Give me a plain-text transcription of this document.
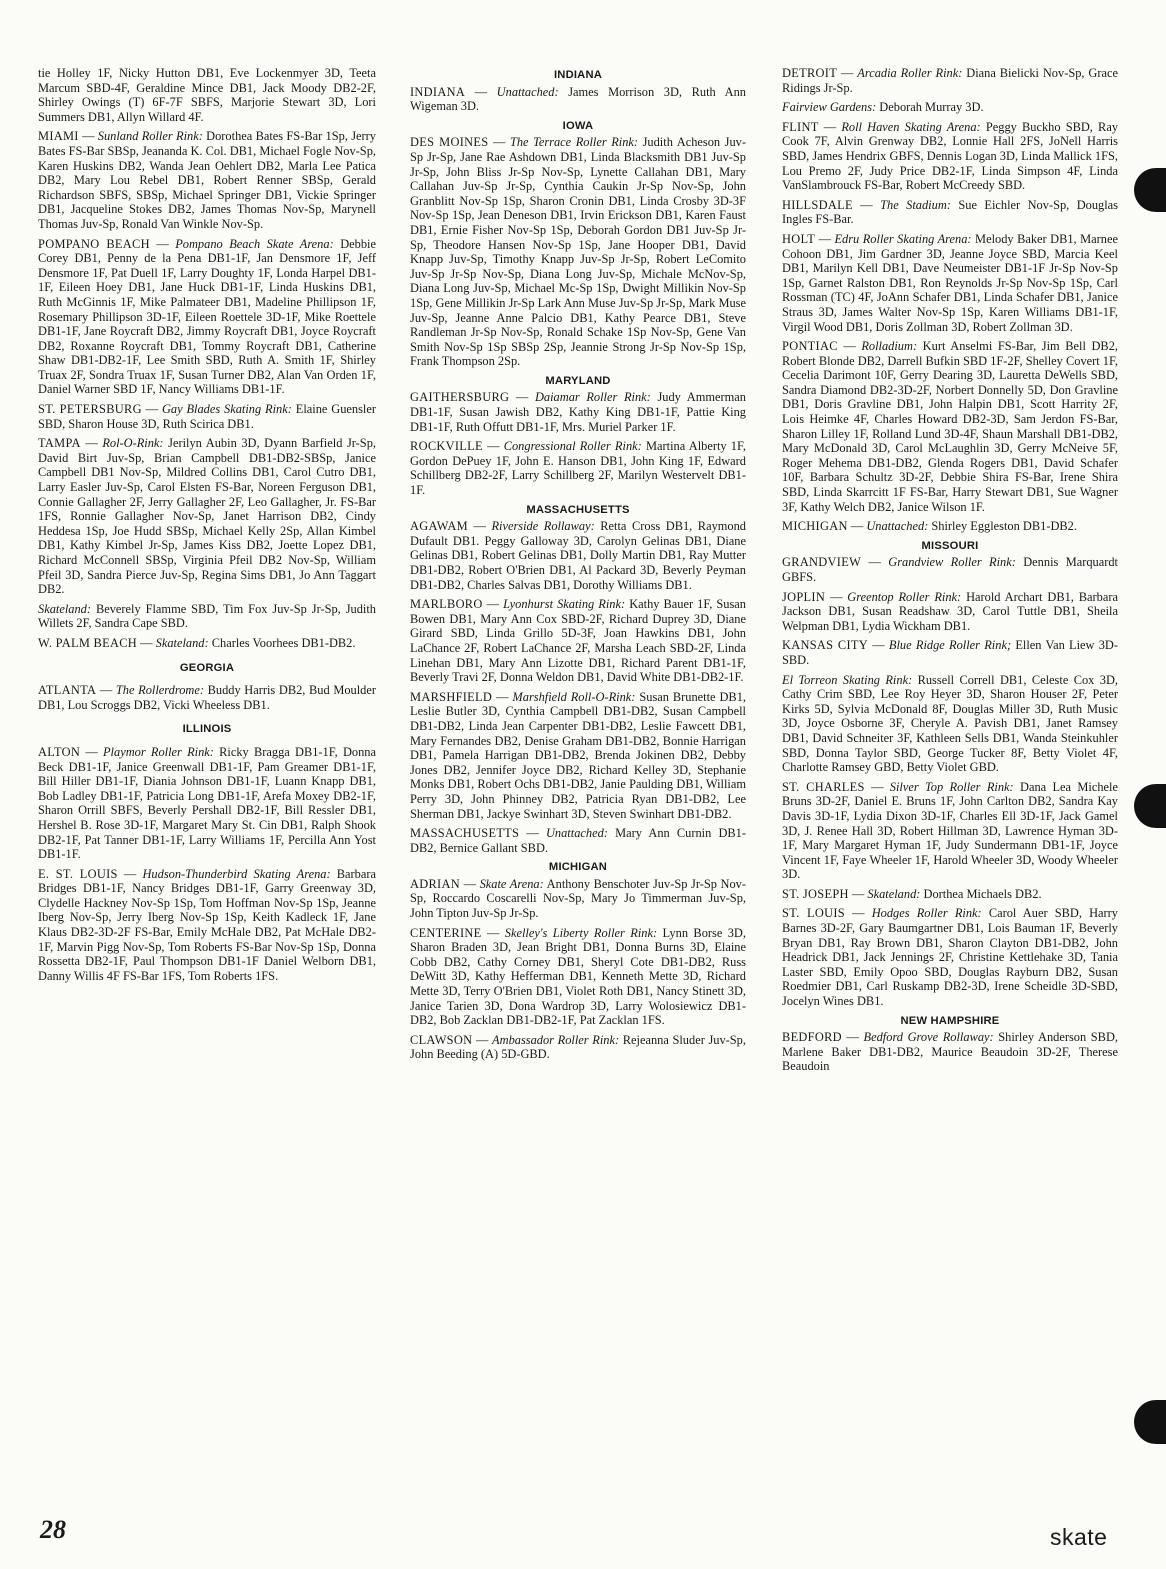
tie Holley 1F, Nicky Hutton DB1, Eve Lockenmyer 3D, Teeta Marcum SBD-4F, Geraldine Mince DB1, Jack Moody DB2-2F, Shirley Owings (T) 6F-7F SBFS, Marjorie Stewart 3D, Lori Summers DB1, Allyn Willard 4F.
MIAMI — Sunland Roller Rink: Dorothea Bates FS-Bar 1Sp, Jerry Bates FS-Bar SBSp, Jeananda K. Col. DB1, Michael Fogle Nov-Sp, Karen Huskins DB2, Wanda Jean Oehlert DB2, Marla Lee Patica DB2, Mary Lou Rebel DB1, Robert Renner SBSp, Gerald Richardson SBFS, SBSp, Michael Springer DB1, Vickie Springer DB1, Jacqueline Stokes DB2, James Thomas Nov-Sp, Marynell Thomas Juv-Sp, Ronald Van Winkle Nov-Sp.
POMPANO BEACH — Pompano Beach Skate Arena: Debbie Corey DB1, Penny de la Pena DB1-1F, Jan Densmore 1F, Jeff Densmore 1F, Pat Duell 1F, Larry Doughty 1F, Londa Harpel DB1-1F, Eileen Hoey DB1, Jane Huck DB1-1F, Linda Huskins DB1, Ruth McGinnis 1F, Mike Palmateer DB1, Madeline Phillipson 1F, Rosemary Phillipson 3D-1F, Eileen Roettele 3D-1F, Mike Roettele DB1-1F, Jane Roycraft DB2, Jimmy Roycraft DB1, Joyce Roycraft DB2, Roxanne Roycraft DB1, Tommy Roycraft DB1, Catherine Shaw DB1-DB2-1F, Lee Smith SBD, Ruth A. Smith 1F, Shirley Truax 2F, Sondra Truax 1F, Susan Turner DB2, Alan Van Orden 1F, Daniel Warner SBD 1F, Nancy Williams DB1-1F.
ST. PETERSBURG — Gay Blades Skating Rink: Elaine Guensler SBD, Sharon House 3D, Ruth Scirica DB1.
TAMPA — Rol-O-Rink: Jerilyn Aubin 3D, Dyann Barfield Jr-Sp, David Birt Juv-Sp, Brian Campbell DB1-DB2-SBSp, Janice Campbell DB1 Nov-Sp, Mildred Collins DB1, Carol Cutro DB1, Larry Easler Juv-Sp, Carol Elsten FS-Bar, Noreen Ferguson DB1, Connie Gallagher 2F, Jerry Gallagher 2F, Leo Gallagher, Jr. FS-Bar 1FS, Ronnie Gallagher Nov-Sp, Janet Harrison DB2, Cindy Heddesa 1Sp, Joe Hudd SBSp, Michael Kelly 2Sp, Allan Kimbel DB1, Kathy Kimbel Jr-Sp, James Kiss DB2, Joette Lopez DB1, Richard McConnell SBSp, Virginia Pfeil DB2 Nov-Sp, William Pfeil 3D, Sandra Pierce Juv-Sp, Regina Sims DB1, Jo Ann Taggart DB2.
Skateland: Beverely Flamme SBD, Tim Fox Juv-Sp Jr-Sp, Judith Willets 2F, Sandra Cape SBD.
W. PALM BEACH — Skateland: Charles Voorhees DB1-DB2.
GEORGIA
ATLANTA — The Rollerdrome: Buddy Harris DB2, Bud Moulder DB1, Lou Scroggs DB2, Vicki Wheeless DB1.
ILLINOIS
ALTON — Playmor Roller Rink: Ricky Bragga DB1-1F, Donna Beck DB1-1F, Janice Greenwall DB1-1F, Pam Greamer DB1-1F, Bill Hiller DB1-1F, Diania Johnson DB1-1F, Luann Knapp DB1, Bob Ladley DB1-1F, Patricia Long DB1-1F, Arefa Moxey DB2-1F, Sharon Orrill SBFS, Beverly Pershall DB2-1F, Bill Ressler DB1, Hershel B. Rose 3D-1F, Margaret Mary St. Cin DB1, Ralph Shook DB2-1F, Pat Tanner DB1-1F, Larry Williams 1F, Percilla Ann Yost DB1-1F.
E. ST. LOUIS — Hudson-Thunderbird Skating Arena: Barbara Bridges DB1-1F, Nancy Bridges DB1-1F, Garry Greenway 3D, Clydelle Hackney Nov-Sp 1Sp, Tom Hoffman Nov-Sp 1Sp, Jeanne Iberg Nov-Sp, Jerry Iberg Nov-Sp 1Sp, Keith Kadleck 1F, Jane Klaus DB2-3D-2F FS-Bar, Emily McHale DB2, Pat McHale DB2-1F, Marvin Pigg Nov-Sp, Tom Roberts FS-Bar Nov-Sp 1Sp, Donna Rossetta DB2-1F, Paul Thompson DB1-1F Daniel Welborn DB1, Danny Willis 4F FS-Bar 1FS, Tom Roberts 1FS.
INDIANA
INDIANA — Unattached: James Morrison 3D, Ruth Ann Wigeman 3D.
IOWA
DES MOINES — The Terrace Roller Rink: Judith Acheson Juv-Sp Jr-Sp, Jane Rae Ashdown DB1, Linda Blacksmith DB1 Juv-Sp Jr-Sp, John Bliss Jr-Sp Nov-Sp, Lynette Callahan DB1, Mary Callahan Juv-Sp Jr-Sp, Cynthia Caukin Jr-Sp Nov-Sp, John Granblitt Nov-Sp 1Sp, Sharon Cronin DB1, Linda Crosby 3D-3F Nov-Sp 1Sp, Jean Deneson DB1, Irvin Erickson DB1, Karen Faust DB1, Ernie Fisher Nov-Sp 1Sp, Deborah Gordon DB1 Juv-Sp Jr-Sp, Theodore Hansen Nov-Sp 1Sp, Jane Hooper DB1, David Knapp Juv-Sp, Timothy Knapp Juv-Sp Jr-Sp, Robert LeComito Juv-Sp Jr-Sp Nov-Sp, Diana Long Juv-Sp, Michale McNov-Sp, Diana Long Juv-Sp, Michael Mc-Sp 1Sp, Dwight Millikin Nov-Sp 1Sp, Gene Millikin Jr-Sp Lark Ann Muse Juv-Sp Jr-Sp, Mark Muse Juv-Sp, Jeanne Anne Palcio DB1, Kathy Pearce DB1, Steve Randleman Jr-Sp Nov-Sp, Ronald Schake 1Sp Nov-Sp, Gene Van Smith Nov-Sp 1Sp SBSp 2Sp, Jeannie Strong Jr-Sp Nov-Sp 1Sp, Frank Thompson 2Sp.
MARYLAND
GAITHERSBURG — Daiamar Roller Rink: Judy Ammerman DB1-1F, Susan Jawish DB2, Kathy King DB1-1F, Pattie King DB1-1F, Ruth Offutt DB1-1F, Mrs. Muriel Parker 1F.
ROCKVILLE — Congressional Roller Rink: Martina Alberty 1F, Gordon DePuey 1F, John E. Hanson DB1, John King 1F, Edward Schillberg DB2-2F, Larry Schillberg 2F, Marilyn Westervelt DB1-1F.
MASSACHUSETTS
AGAWAM — Riverside Rollaway: Retta Cross DB1, Raymond Dufault DB1. Peggy Galloway 3D, Carolyn Gelinas DB1, Diane Gelinas DB1, Robert Gelinas DB1, Dolly Martin DB1, Ray Mutter DB1-DB2, Robert O'Brien DB1, Al Packard 3D, Beverly Peyman DB1-DB2, Charles Salvas DB1, Dorothy Williams DB1.
MARLBORO — Lyonhurst Skating Rink: Kathy Bauer 1F, Susan Bowen DB1, Mary Ann Cox SBD-2F, Richard Duprey 3D, Diane Girard SBD, Linda Grillo 5D-3F, Joan Hawkins DB1, John LaChance 2F, Robert LaChance 2F, Marsha Leach SBD-2F, Linda Linehan DB1, Mary Ann Lizotte DB1, Richard Parent DB1-1F, Beverly Travi 2F, Donna Weldon DB1, David White DB1-DB2-1F.
MARSHFIELD — Marshfield Roll-O-Rink: Susan Brunette DB1, Leslie Butler 3D, Cynthia Campbell DB1-DB2, Susan Campbell DB1-DB2, Linda Jean Carpenter DB1-DB2, Leslie Fawcett DB1, Mary Fernandes DB2, Denise Graham DB1-DB2, Bonnie Harrigan DB1, Pamela Harrigan DB1-DB2, Brenda Jokinen DB2, Debby Jones DB2, Jennifer Joyce DB2, Richard Kelley 3D, Stephanie Monks DB1, Robert Ochs DB1-DB2, Janie Paulding DB1, William Perry 3D, John Phinney DB2, Patricia Ryan DB1-DB2, Lee Sherman DB1, Jackye Swinhart 3D, Steven Swinhart DB1-DB2.
MASSACHUSETTS — Unattached: Mary Ann Curnin DB1-DB2, Bernice Gallant SBD.
MICHIGAN
ADRIAN — Skate Arena: Anthony Benschoter Juv-Sp Jr-Sp Nov-Sp, Roccardo Coscarelli Nov-Sp, Mary Jo Timmerman Juv-Sp, John Tipton Juv-Sp Jr-Sp.
CENTERINE — Skelley's Liberty Roller Rink: Lynn Borse 3D, Sharon Braden 3D, Jean Bright DB1, Donna Burns 3D, Elaine Cobb DB2, Cathy Corney DB1, Sheryl Cote DB1-DB2, Russ DeWitt 3D, Kathy Hefferman DB1, Kenneth Mette 3D, Richard Mette 3D, Terry O'Brien DB1, Violet Roth DB1, Nancy Stinett 3D, Janice Tarien 3D, Dona Wardrop 3D, Larry Wolosiewicz DB1-DB2, Bob Zacklan DB1-DB2-1F, Pat Zacklan 1FS.
CLAWSON — Ambassador Roller Rink: Rejeanna Sluder Juv-Sp, John Beeding (A) 5D-GBD.
DETROIT — Arcadia Roller Rink: Diana Bielicki Nov-Sp, Grace Ridings Jr-Sp.
Fairview Gardens: Deborah Murray 3D.
FLINT — Roll Haven Skating Arena: Peggy Buckho SBD, Ray Cook 7F, Alvin Grenway DB2, Lonnie Hall 2FS, JoNell Harris SBD, James Hendrix GBFS, Dennis Logan 3D, Linda Mallick 1FS, Lou Premo 2F, Judy Price DB2-1F, Linda Simpson 4F, Linda VanSlambrouck FS-Bar, Robert McCreedy SBD.
HILLSDALE — The Stadium: Sue Eichler Nov-Sp, Douglas Ingles FS-Bar.
HOLT — Edru Roller Skating Arena: Melody Baker DB1, Marnee Cohoon DB1, Jim Gardner 3D, Jeanne Joyce SBD, Marcia Keel DB1, Marilyn Kell DB1, Dave Neumeister DB1-1F Jr-Sp Nov-Sp 1Sp, Garnet Ralston DB1, Ron Reynolds Jr-Sp Nov-Sp 1Sp, Carl Rossman (TC) 4F, JoAnn Schafer DB1, Linda Schafer DB1, Janice Straus 3D, James Walter Nov-Sp 1Sp, Karen Williams DB1-1F, Virgil Wood DB1, Doris Zollman 3D, Robert Zollman 3D.
PONTIAC — Rolladium: Kurt Anselmi FS-Bar, Jim Bell DB2, Robert Blonde DB2, Darrell Bufkin SBD 1F-2F, Shelley Covert 1F, Cecelia Darimont 10F, Gerry Dearing 3D, Lauretta DeWells SBD, Sandra Diamond DB2-3D-2F, Norbert Donnelly 5D, Don Gravline DB1, Doris Gravline DB1, John Halpin DB1, Scott Harrity 2F, Lois Heimke 4F, Charles Howard DB2-3D, Sam Jerdon FS-Bar, Sharon Lilley 1F, Rolland Lund 3D-4F, Shaun Marshall DB1-DB2, Mary McDonald 3D, Carol McLaughlin 3D, Gerry McNeive 5F, Roger Mehema DB1-DB2, Glenda Rogers DB1, David Schafer 10F, Barbara Schultz 3D-2F, Debbie Shira FS-Bar, Irene Shira SBD, Linda Skarrcitt 1F FS-Bar, Harry Stewart DB1, Sue Wagner 3F, Kathy Welch DB2, Janice Wilson 1F.
MICHIGAN — Unattached: Shirley Eggleston DB1-DB2.
MISSOURI
GRANDVIEW — Grandview Roller Rink: Dennis Marquardt GBFS.
JOPLIN — Greentop Roller Rink: Harold Archart DB1, Barbara Jackson DB1, Susan Readshaw 3D, Carol Tuttle DB1, Sheila Welpman DB1, Lydia Wickham DB1.
KANSAS CITY — Blue Ridge Roller Rink; Ellen Van Liew 3D-SBD.
El Torreon Skating Rink: Russell Correll DB1, Celeste Cox 3D, Cathy Crim SBD, Lee Roy Heyer 3D, Sharon Houser 2F, Peter Kirks 5D, Sylvia McDonald 8F, Douglas Miller 3D, Ruth Music 3D, Joyce Osborne 3F, Cheryle A. Pavish DB1, Janet Ramsey DB1, David Schneiter 3F, Kathleen Sells DB1, Wanda Steinkuhler SBD, Donna Taylor SBD, George Tucker 8F, Betty Violet 4F, Charlotte Ramsey GBD, Betty Violet GBD.
ST. CHARLES — Silver Top Roller Rink: Dana Lea Michele Bruns 3D-2F, Daniel E. Bruns 1F, John Carlton DB2, Sandra Kay Davis 3D-1F, Lydia Dixon 3D-1F, Charles Ell 3D-1F, Jack Gamel 3D, J. Renee Hall 3D, Robert Hillman 3D, Lawrence Hyman 3D-1F, Mary Margaret Hyman 1F, Judy Sundermann DB1-1F, Joyce Vincent 1F, Faye Wheeler 1F, Harold Wheeler 3D, Woody Wheeler 3D.
ST. JOSEPH — Skateland: Dorthea Michaels DB2.
ST. LOUIS — Hodges Roller Rink: Carol Auer SBD, Harry Barnes 3D-2F, Gary Baumgartner DB1, Lois Bauman 1F, Beverly Bryan DB1, Ray Brown DB1, Sharon Clayton DB1-DB2, John Headrick DB1, Jack Jennings 2F, Christine Kettlehake 3D, Tania Laster SBD, Emily Opoo SBD, Douglas Rayburn DB2, Susan Roedmier DB1, Carl Ruskamp DB2-3D, Irene Scheidle 3D-SBD, Jocelyn Wines DB1.
NEW HAMPSHIRE
BEDFORD — Bedford Grove Rollaway: Shirley Anderson SBD, Marlene Baker DB1-DB2, Maurice Beaudoin 3D-2F, Therese Beaudoin
28	skate
